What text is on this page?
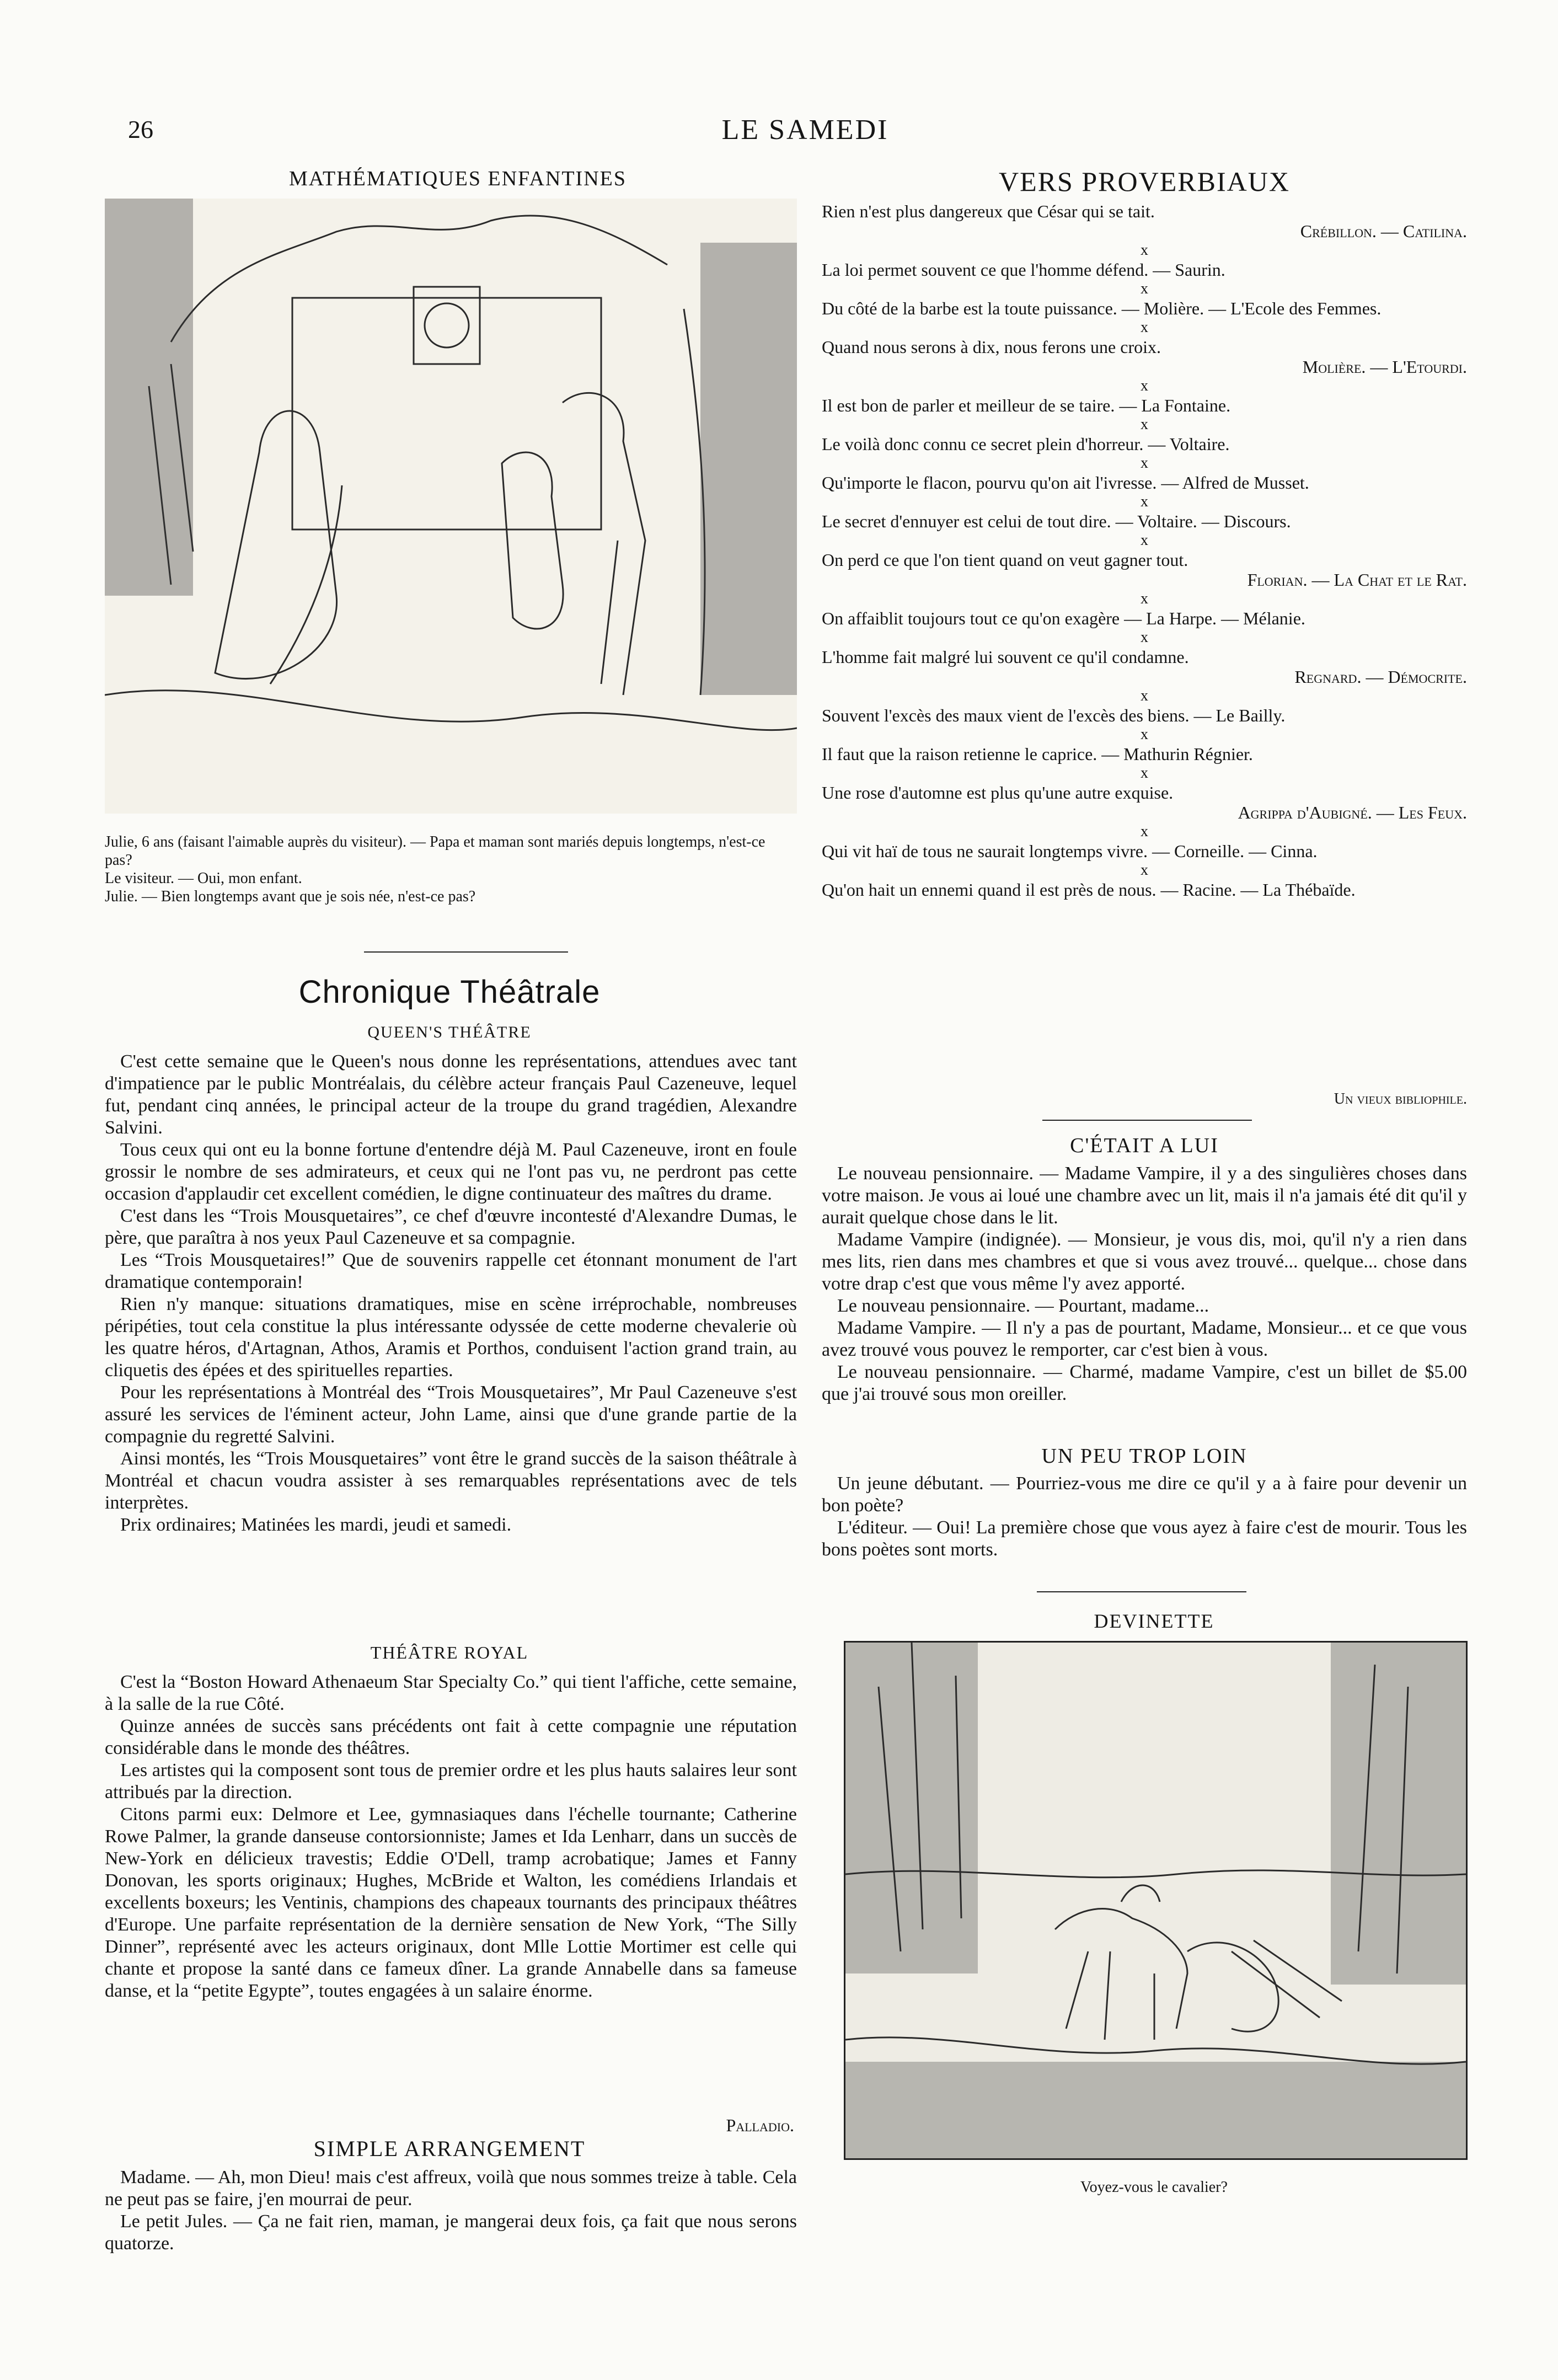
26	LE SAMEDI
MATHÉMATIQUES ENFANTINES

Julie, 6 ans (faisant l'aimable auprès du visiteur). — Papa et maman sont mariés depuis longtemps, n'est-ce pas?

Le visiteur. — Oui, mon enfant.

Julie. — Bien longtemps avant que je sois née, n'est-ce pas?

Chronique Théâtrale
QUEEN'S THÉÂTRE

C'est cette semaine que le Queen's nous donne les représentations, attendues avec tant d'impatience par le public Montréalais, du célèbre acteur français Paul Cazeneuve, lequel fut, pendant cinq années, le principal acteur de la troupe du grand tragédien, Alexandre Salvini.

Tous ceux qui ont eu la bonne fortune d'entendre déjà M. Paul Cazeneuve, iront en foule grossir le nombre de ses admirateurs, et ceux qui ne l'ont pas vu, ne perdront pas cette occasion d'applaudir cet excellent comédien, le digne continuateur des maîtres du drame.

C'est dans les “Trois Mousquetaires”, ce chef d'œuvre incontesté d'Alexandre Dumas, le père, que paraîtra à nos yeux Paul Cazeneuve et sa compagnie.

Les “Trois Mousquetaires!” Que de souvenirs rappelle cet étonnant monument de l'art dramatique contemporain!

Rien n'y manque: situations dramatiques, mise en scène irréprochable, nombreuses péripéties, tout cela constitue la plus intéressante odyssée de cette moderne chevalerie où les quatre héros, d'Artagnan, Athos, Aramis et Porthos, conduisent l'action grand train, au cliquetis des épées et des spirituelles reparties.

Pour les représentations à Montréal des “Trois Mousquetaires”, Mr Paul Cazeneuve s'est assuré les services de l'éminent acteur, John Lame, ainsi que d'une grande partie de la compagnie du regretté Salvini.

Ainsi montés, les “Trois Mousquetaires” vont être le grand succès de la saison théâtrale à Montréal et chacun voudra assister à ses remarquables représentations avec de tels interprètes.

Prix ordinaires; Matinées les mardi, jeudi et samedi.

THÉÂTRE ROYAL

C'est la “Boston Howard Athenaeum Star Specialty Co.” qui tient l'affiche, cette semaine, à la salle de la rue Côté.

Quinze années de succès sans précédents ont fait à cette compagnie une réputation considérable dans le monde des théâtres.

Les artistes qui la composent sont tous de premier ordre et les plus hauts salaires leur sont attribués par la direction.

Citons parmi eux: Delmore et Lee, gymnasiaques dans l'échelle tournante; Catherine Rowe Palmer, la grande danseuse contorsionniste; James et Ida Lenharr, dans un succès de New-York en délicieux travestis; Eddie O'Dell, tramp acrobatique; James et Fanny Donovan, les sports originaux; Hughes, McBride et Walton, les comédiens Irlandais et excellents boxeurs; les Ventinis, champions des chapeaux tournants des principaux théâtres d'Europe. Une parfaite représentation de la dernière sensation de New York, “The Silly Dinner”, représenté avec les acteurs originaux, dont Mlle Lottie Mortimer est celle qui chante et propose la santé dans ce fameux dîner. La grande Annabelle dans sa fameuse danse, et la “petite Egypte”, toutes engagées à un salaire énorme.

Palladio.
SIMPLE ARRANGEMENT

Madame. — Ah, mon Dieu! mais c'est affreux, voilà que nous sommes treize à table. Cela ne peut pas se faire, j'en mourrai de peur.

Le petit Jules. — Ça ne fait rien, maman, je mangerai deux fois, ça fait que nous serons quatorze.

VERS PROVERBIAUX
Rien n'est plus dangereux que César qui se tait.
Crébillon. — Catilina.
x
La loi permet souvent ce que l'homme défend. — Saurin.
x
Du côté de la barbe est la toute puissance. — Molière. — L'Ecole des Femmes.
x
Quand nous serons à dix, nous ferons une croix.
Molière. — L'Etourdi.
x
Il est bon de parler et meilleur de se taire. — La Fontaine.
x
Le voilà donc connu ce secret plein d'horreur. — Voltaire.
x
Qu'importe le flacon, pourvu qu'on ait l'ivresse. — Alfred de Musset.
x
Le secret d'ennuyer est celui de tout dire. — Voltaire. — Discours.
x
On perd ce que l'on tient quand on veut gagner tout.
Florian. — La Chat et le Rat.
x
On affaiblit toujours tout ce qu'on exagère — La Harpe. — Mélanie.
x
L'homme fait malgré lui souvent ce qu'il condamne.
Regnard. — Démocrite.
x
Souvent l'excès des maux vient de l'excès des biens. — Le Bailly.
x
Il faut que la raison retienne le caprice. — Mathurin Régnier.
x
Une rose d'automne est plus qu'une autre exquise.
Agrippa d'Aubigné. — Les Feux.
x
Qui vit haï de tous ne saurait longtemps vivre. — Corneille. — Cinna.
x
Qu'on hait un ennemi quand il est près de nous. — Racine. — La Thébaïde.
Un vieux bibliophile.
C'ÉTAIT A LUI

Le nouveau pensionnaire. — Madame Vampire, il y a des singulières choses dans votre maison. Je vous ai loué une chambre avec un lit, mais il n'a jamais été dit qu'il y aurait quelque chose dans le lit.

Madame Vampire (indignée). — Monsieur, je vous dis, moi, qu'il n'y a rien dans mes lits, rien dans mes chambres et que si vous avez trouvé... quelque... chose dans votre drap c'est que vous même l'y avez apporté.

Le nouveau pensionnaire. — Pourtant, madame...

Madame Vampire. — Il n'y a pas de pourtant, Madame, Monsieur... et ce que vous avez trouvé vous pouvez le remporter, car c'est bien à vous.

Le nouveau pensionnaire. — Charmé, madame Vampire, c'est un billet de $5.00 que j'ai trouvé sous mon oreiller.

UN PEU TROP LOIN

Un jeune débutant. — Pourriez-vous me dire ce qu'il y a à faire pour devenir un bon poète?

L'éditeur. — Oui! La première chose que vous ayez à faire c'est de mourir. Tous les bons poètes sont morts.

DEVINETTE
Voyez-vous le cavalier?
